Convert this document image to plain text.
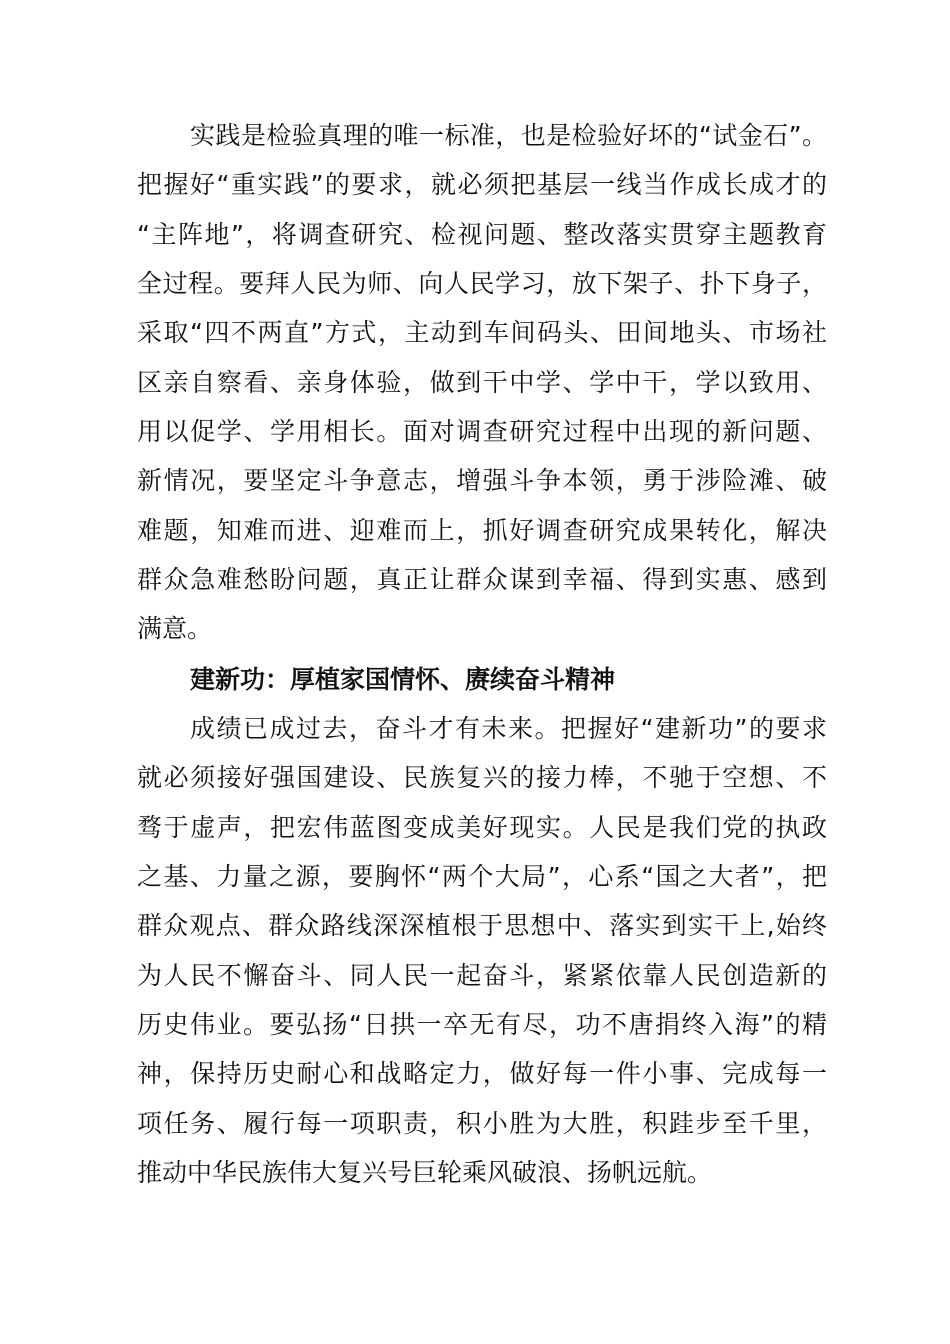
实践是检验真理的唯一标准，也是检验好坏的“试金石”。
把握好“重实践”的要求，就必须把基层一线当作成长成才的
“主阵地”，将调查研究、检视问题、整改落实贯穿主题教育
全过程。要拜人民为师、向人民学习，放下架子、扑下身子，
采取“四不两直”方式，主动到车间码头、田间地头、市场社
区亲自察看、亲身体验，做到干中学、学中干，学以致用、
用以促学、学用相长。面对调查研究过程中出现的新问题、
新情况，要坚定斗争意志，增强斗争本领，勇于涉险滩、破
难题，知难而进、迎难而上，抓好调查研究成果转化，解决
群众急难愁盼问题，真正让群众谋到幸福、得到实惠、感到
满意。
建新功：厚植家国情怀、赓续奋斗精神
成绩已成过去，奋斗才有未来。把握好“建新功”的要求
就必须接好强国建设、民族复兴的接力棒，不驰于空想、不
骛于虚声，把宏伟蓝图变成美好现实。人民是我们党的执政
之基、力量之源，要胸怀“两个大局”，心系“国之大者”，把
群众观点、群众路线深深植根于思想中、落实到实干上,始终
为人民不懈奋斗、同人民一起奋斗，紧紧依靠人民创造新的
历史伟业。要弘扬“日拱一卒无有尽，功不唐捐终入海”的精
神，保持历史耐心和战略定力，做好每一件小事、完成每一
项任务、履行每一项职责，积小胜为大胜，积跬步至千里，
推动中华民族伟大复兴号巨轮乘风破浪、扬帆远航。
